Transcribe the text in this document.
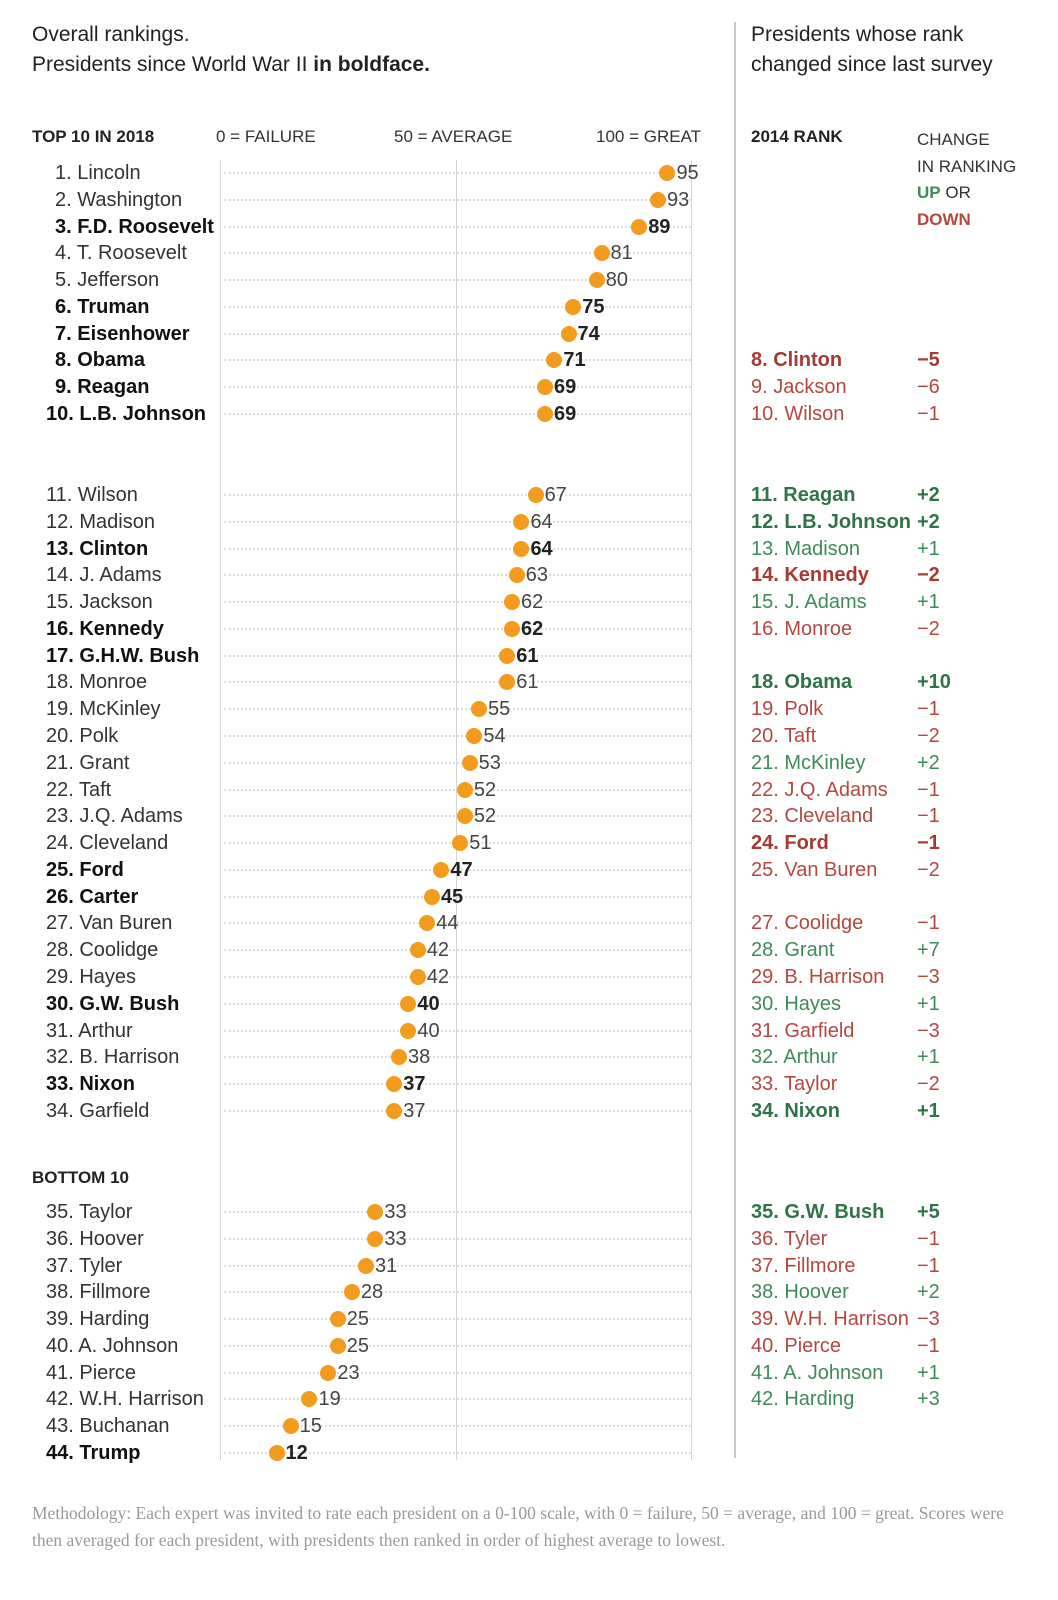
Overall rankings.
Presidents since World War II in boldface.
Presidents whose rank
changed since last survey
TOP 10 IN 2018	0 = FAILURE	50 = AVERAGE	100 = GREAT	2014 RANK	CHANGE
IN RANKING
UP OR
DOWN
BOTTOM 10
1. Lincoln	95
2. Washington	93
3. F.D. Roosevelt	89
4. T. Roosevelt	81
5. Jefferson	80
6. Truman	75
7. Eisenhower	74
8. Obama	71
9. Reagan	69
10. L.B. Johnson	69
11. Wilson	67
12. Madison	64
13. Clinton	64
14. J. Adams	63
15. Jackson	62
16. Kennedy	62
17. G.H.W. Bush	61
18. Monroe	61
19. McKinley	55
20. Polk	54
21. Grant	53
22. Taft	52
23. J.Q. Adams	52
24. Cleveland	51
25. Ford	47
26. Carter	45
27. Van Buren	44
28. Coolidge	42
29. Hayes	42
30. G.W. Bush	40
31. Arthur	40
32. B. Harrison	38
33. Nixon	37
34. Garfield	37
35. Taylor	33
36. Hoover	33
37. Tyler	31
38. Fillmore	28
39. Harding	25
40. A. Johnson	25
41. Pierce	23
42. W.H. Harrison	19
43. Buchanan	15
44. Trump	12
8. Clinton	−5
9. Jackson	−6
10. Wilson	−1
11. Reagan	+2
12. L.B. Johnson +2
13. Madison	+1
14. Kennedy −2
15. J. Adams	+1
16. Monroe	−2
18. Obama	+10
19. Polk	−1
20. Taft	−2
21. McKinley	+2
22. J.Q. Adams −1
23. Cleveland −1
24. Ford	−1
25. Van Buren −2
27. Coolidge	−1
28. Grant	+7
29. B. Harrison −3
30. Hayes	+1
31. Garfield	−3
32. Arthur	+1
33. Taylor	−2
34. Nixon	+1
35. G.W. Bush +5
36. Tyler	−1
37. Fillmore	−1
38. Hoover	+2
39. W.H. Harrison −3
40. Pierce	−1
41. A. Johnson +1
42. Harding	+3
Methodology: Each expert was invited to rate each president on a 0-100 scale, with 0 = failure, 50 = average, and 100 = great. Scores were then averaged for each president, with presidents then ranked in order of highest average to lowest.
